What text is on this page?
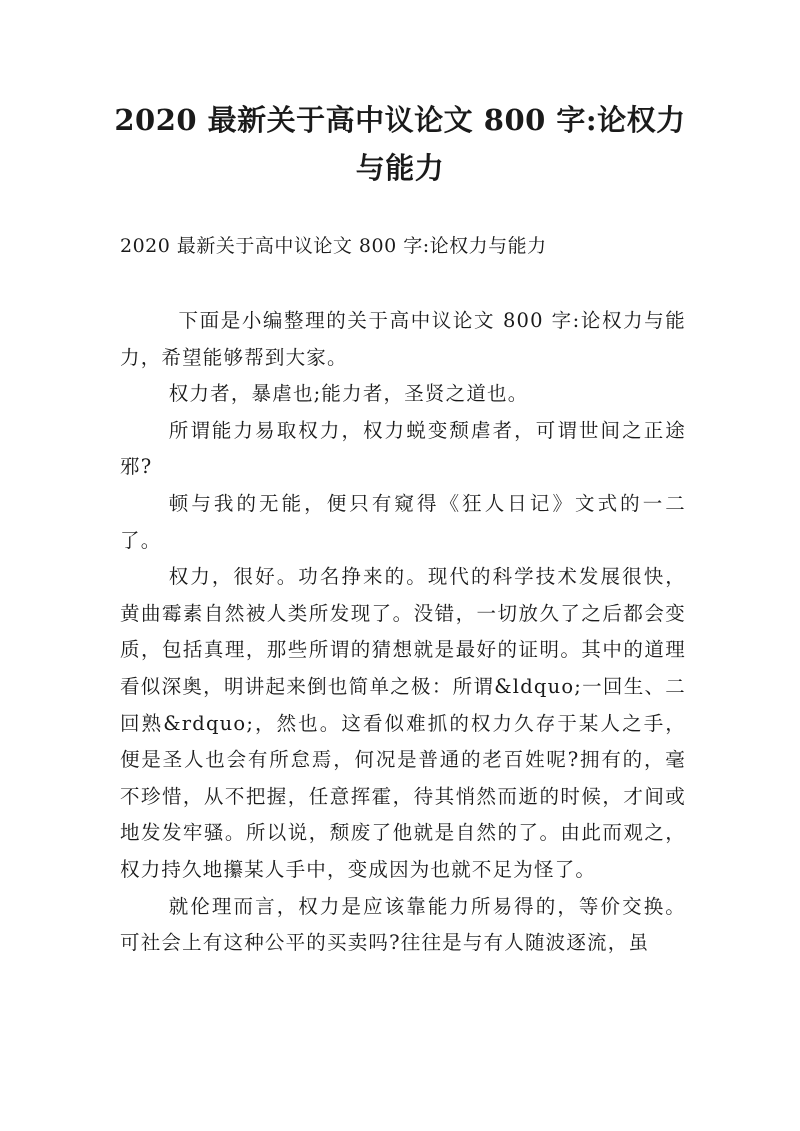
2020 最新关于高中议论文 800 字:论权力与能力
2020 最新关于高中议论文 800 字:论权力与能力

下面是小编整理的关于高中议论文 800 字:论权力与能力，希望能够帮到大家。

权力者，暴虐也;能力者，圣贤之道也。

所谓能力易取权力，权力蜕变颓虐者，可谓世间之正途邪?

顿与我的无能，便只有窥得《狂人日记》文式的一二了。

权力，很好。功名挣来的。现代的科学技术发展很快，黄曲霉素自然被人类所发现了。没错，一切放久了之后都会变质，包括真理，那些所谓的猜想就是最好的证明。其中的道理看似深奥，明讲起来倒也简单之极：所谓&ldquo;一回生、二回熟&rdquo;，然也。这看似难抓的权力久存于某人之手，便是圣人也会有所怠焉，何况是普通的老百姓呢?拥有的，毫不珍惜，从不把握，任意挥霍，待其悄然而逝的时候，才间或地发发牢骚。所以说，颓废了他就是自然的了。由此而观之，权力持久地攥某人手中，变成因为也就不足为怪了。

就伦理而言，权力是应该靠能力所易得的，等价交换。可社会上有这种公平的买卖吗?往往是与有人随波逐流，虽
